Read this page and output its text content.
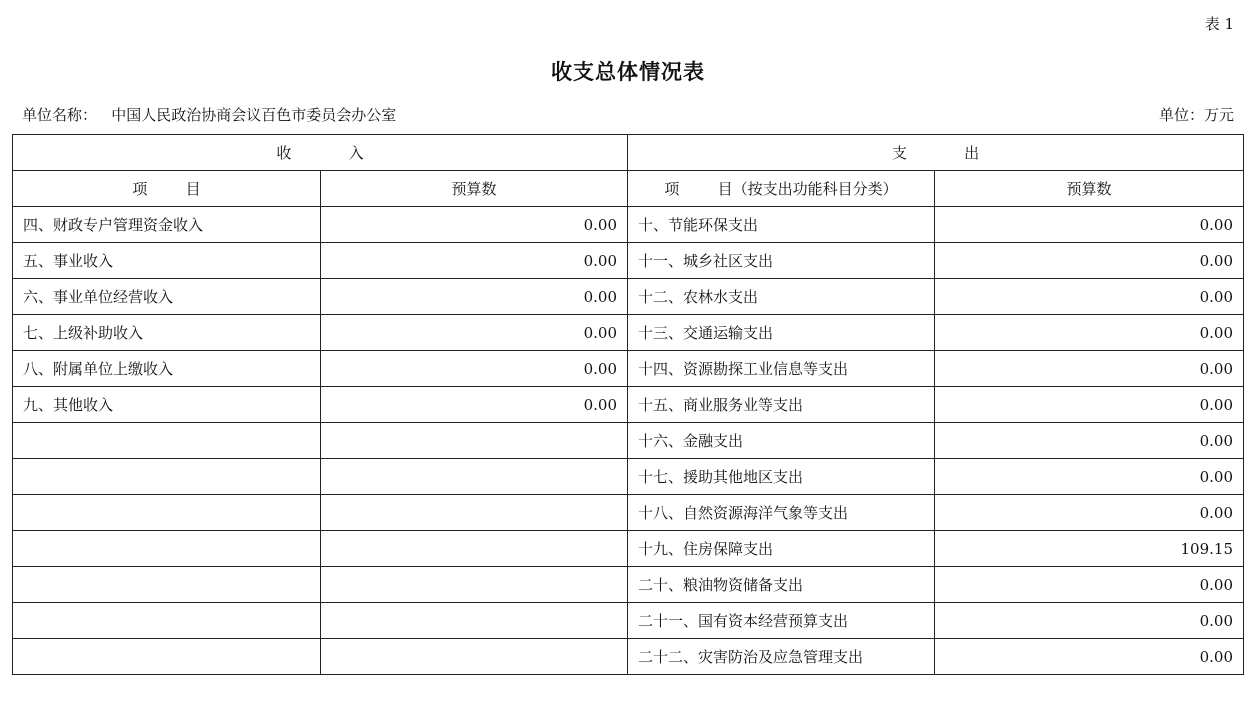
表 1
收支总体情况表
单位名称：   中国人民政治协商会议百色市委员会办公室	单位：万元
收            入		支            出	
项        目	预算数	项        目（按支出功能科目分类）	预算数
四、财政专户管理资金收入	0.00	十、节能环保支出	0.00
五、事业收入	0.00	十一、城乡社区支出	0.00
六、事业单位经营收入	0.00	十二、农林水支出	0.00
七、上级补助收入	0.00	十三、交通运输支出	0.00
八、附属单位上缴收入	0.00	十四、资源勘探工业信息等支出	0.00
九、其他收入	0.00	十五、商业服务业等支出	0.00
		十六、金融支出	0.00
		十七、援助其他地区支出	0.00
		十八、自然资源海洋气象等支出	0.00
		十九、住房保障支出	109.15
		二十、粮油物资储备支出	0.00
		二十一、国有资本经营预算支出	0.00
		二十二、灾害防治及应急管理支出	0.00
